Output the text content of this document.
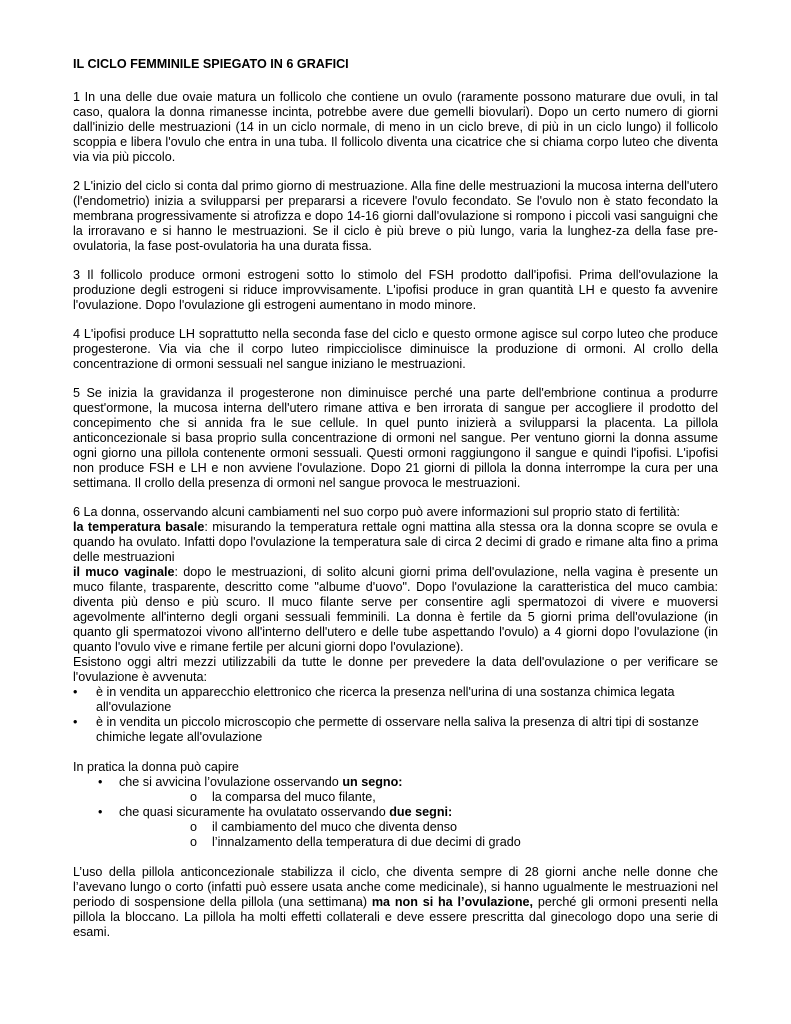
IL CICLO FEMMINILE SPIEGATO IN 6 GRAFICI

1 In una delle due ovaie matura un follicolo che contiene un ovulo (raramente possono maturare due ovuli, in tal caso, qualora la donna rimanesse incinta, potrebbe avere due gemelli biovulari). Dopo un certo numero di giorni dall'inizio delle mestruazioni (14 in un ciclo normale, di meno in un ciclo breve, di più in un ciclo lungo) il follicolo scoppia e libera l'ovulo che entra in una tuba. Il follicolo diventa una cicatrice che si chiama corpo luteo che diventa via via più piccolo.

2 L'inizio del ciclo si conta dal primo giorno di mestruazione. Alla fine delle mestruazioni la mucosa interna dell'utero (l'endometrio) inizia a svilupparsi per prepararsi a ricevere l'ovulo fecondato. Se l'ovulo non è stato fecondato la membrana progressivamente si atrofizza e dopo 14-16 giorni dall'ovulazione si rompono i piccoli vasi sanguigni che la irroravano e si hanno le mestruazioni. Se il ciclo è più breve o più lungo, varia la lunghez-za della fase pre-ovulatoria, la fase post-ovulatoria ha una durata fissa.

3 Il follicolo produce ormoni estrogeni sotto lo stimolo del FSH prodotto dall'ipofisi. Prima dell'ovulazione la produzione degli estrogeni si riduce improvvisamente. L'ipofisi produce in gran quantità LH e questo fa avvenire l'ovulazione. Dopo l'ovulazione gli estrogeni aumentano in modo minore.

4 L'ipofisi produce LH soprattutto nella seconda fase del ciclo e questo ormone agisce sul corpo luteo che produce progesterone. Via via che il corpo luteo rimpicciolisce diminuisce la produzione di ormoni. Al crollo della concentrazione di ormoni sessuali nel sangue iniziano le mestruazioni.

5 Se inizia la gravidanza il progesterone non diminuisce perché una parte dell'embrione continua a produrre quest'ormone, la mucosa interna dell'utero rimane attiva e ben irrorata di sangue per accogliere il prodotto del concepimento che si annida fra le sue cellule. In quel punto inizierà a svilupparsi la placenta. La pillola anticoncezionale si basa proprio sulla concentrazione di ormoni nel sangue. Per ventuno giorni la donna assume ogni giorno una pillola contenente ormoni sessuali. Questi ormoni raggiungono il sangue e quindi l'ipofisi. L'ipofisi non produce FSH e LH e non avviene l'ovulazione. Dopo 21 giorni di pillola la donna interrompe la cura per una settimana. Il crollo della presenza di ormoni nel sangue provoca le mestruazioni.

6 La donna, osservando alcuni cambiamenti nel suo corpo può avere informazioni sul proprio stato di fertilità:

la temperatura basale: misurando la temperatura rettale ogni mattina alla stessa ora la donna scopre se ovula e quando ha ovulato. Infatti dopo l'ovulazione la temperatura sale di circa 2 decimi di grado e rimane alta fino a prima delle mestruazioni

il muco vaginale: dopo le mestruazioni, di solito alcuni giorni prima dell'ovulazione, nella vagina è presente un muco filante, trasparente, descritto come "albume d'uovo". Dopo l'ovulazione la caratteristica del muco cambia: diventa più denso e più scuro. Il muco filante serve per consentire agli spermatozoi di vivere e muoversi agevolmente all'interno degli organi sessuali femminili. La donna è fertile da 5 giorni prima dell'ovulazione (in quanto gli spermatozoi vivono all'interno dell'utero e delle tube aspettando l'ovulo) a 4 giorni dopo l'ovulazione (in quanto l'ovulo vive e rimane fertile per alcuni giorni dopo l'ovulazione).

Esistono oggi altri mezzi utilizzabili da tutte le donne per prevedere la data dell'ovulazione o per verificare se l'ovulazione è avvenuta:

•	è in vendita un apparecchio elettronico che ricerca la presenza nell'urina di una sostanza chimica legata all'ovulazione
•	è in vendita un piccolo microscopio che permette di osservare nella saliva la presenza di altri tipi di sostanze chimiche legate all'ovulazione

In pratica la donna può capire

• che si avvicina l’ovulazione osservando un segno:
o la comparsa del muco filante,
• che quasi sicuramente ha ovulatato osservando due segni:
o il cambiamento del muco che diventa denso
o l’innalzamento della temperatura di due decimi di grado

L’uso della pillola anticoncezionale stabilizza il ciclo, che diventa sempre di 28 giorni anche nelle donne che l’avevano lungo o corto (infatti può essere usata anche come medicinale), si hanno ugualmente le mestruazioni nel periodo di sospensione della pillola (una settimana) ma non si ha l’ovulazione, perché gli ormoni presenti nella pillola la bloccano. La pillola ha molti effetti collaterali e deve essere prescritta dal ginecologo dopo una serie di esami.
